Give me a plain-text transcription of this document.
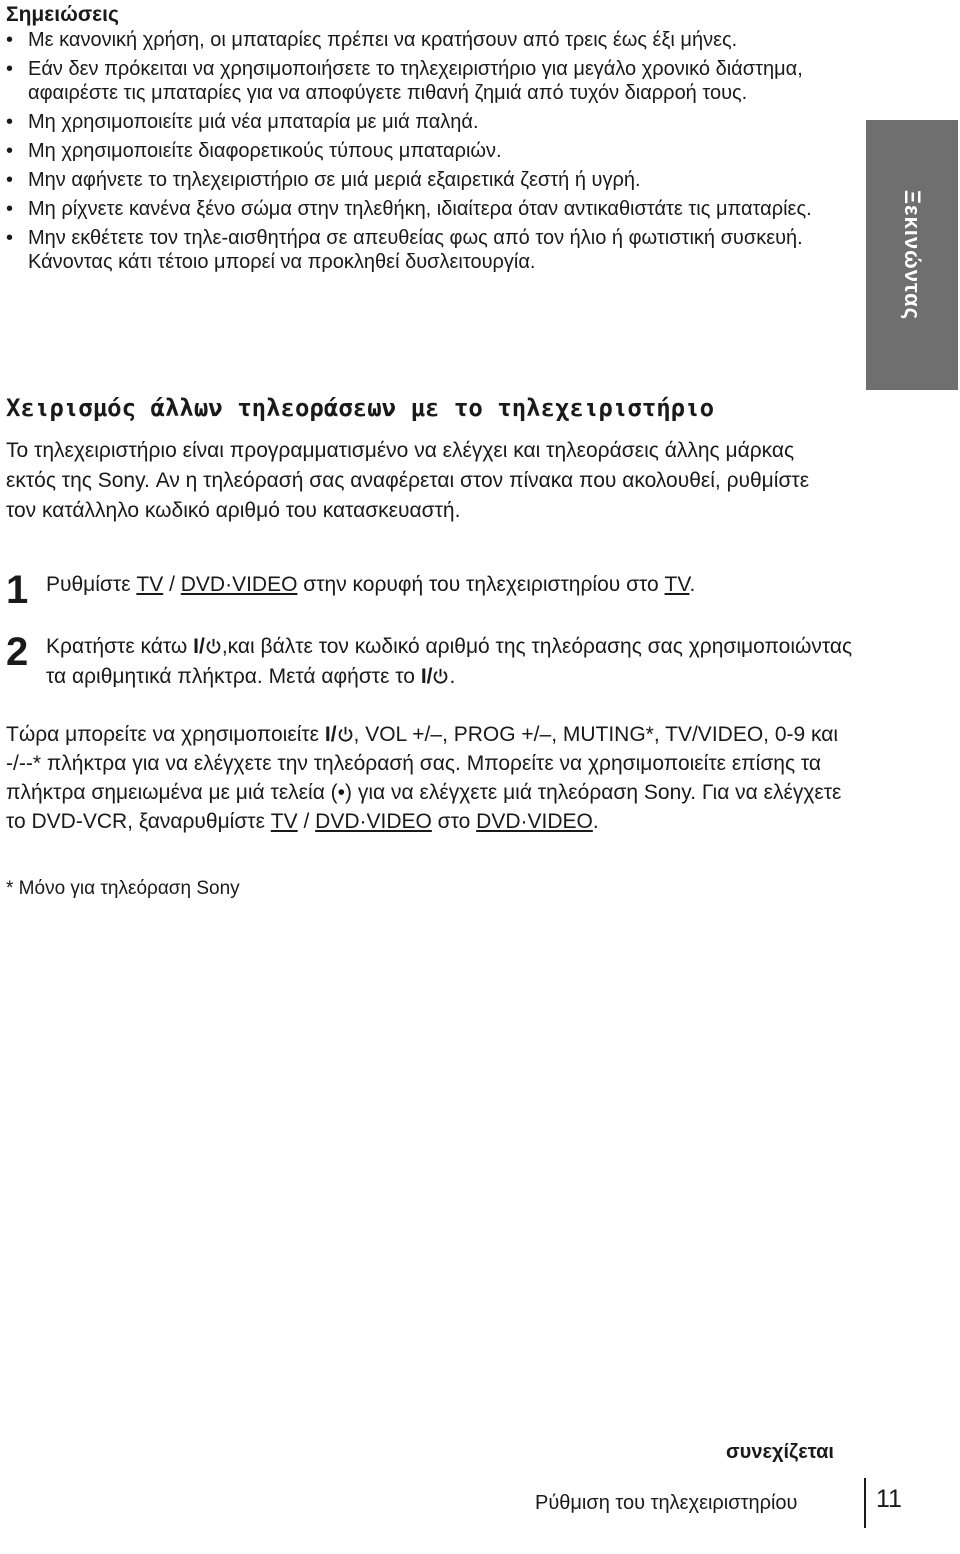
Σημειώσεις
• Με κανονική χρήση, οι μπαταρίες πρέπει να κρατήσουν από τρεις έως έξι μήνες.
• Εάν δεν πρόκειται να χρησιμοποιήσετε το τηλεχειριστήριο για μεγάλο χρονικό διάστημα, αφαιρέστε τις μπαταρίες για να αποφύγετε πιθανή ζημιά από τυχόν διαρροή τους.
• Μη χρησιμοποιείτε μιά νέα μπαταρία με μιά παληά.
• Μη χρησιμοποιείτε διαφορετικούς τύπους μπαταριών.
• Μην αφήνετε το τηλεχειριστήριο σε μιά μεριά εξαιρετικά ζεστή ή υγρή.
• Μη ρίχνετε κανένα ξένο σώμα στην τηλεθήκη, ιδιαίτερα όταν αντικαθιστάτε τις μπαταρίες.
• Μην εκθέτετε τον τηλε-αισθητήρα σε απευθείας φως από τον ήλιο ή φωτιστική συσκευή. Κάνοντας κάτι τέτοιο μπορεί να προκληθεί δυσλειτουργία.	Ξεκινώντας
Χειρισμός άλλων τηλεοράσεων με το τηλεχειριστήριο

Το τηλεχειριστήριο είναι προγραμματισμένο να ελέγχει και τηλεοράσεις άλλης μάρκας εκτός της Sony. Αν η τηλεόρασή σας αναφέρεται στον πίνακα που ακολουθεί, ρυθμίστε τον κατάλληλο κωδικό αριθμό του κατασκευαστή.

1 Ρυθμίστε TV / DVD·VIDEO στην κορυφή του τηλεχειριστηρίου στο TV.
2 Κρατήστε κάτω I/ ,και βάλτε τον κωδικό αριθμό της τηλεόρασης σας χρησιμοποιώντας τα αριθμητικά πλήκτρα. Μετά αφήστε το I/ .

Τώρα μπορείτε να χρησιμοποιείτε I/ , VOL +/–, PROG +/–, MUTING*, TV/VIDEO, 0-9 και -/--* πλήκτρα για να ελέγχετε την τηλεόρασή σας. Μπορείτε να χρησιμοποιείτε επίσης τα πλήκτρα σημειωμένα με μιά τελεία (•) για να ελέγχετε μιά τηλεόραση Sony. Για να ελέγχετε το DVD-VCR, ξαναρυθμίστε TV / DVD·VIDEO στο DVD·VIDEO.

* Μόνο για τηλεόραση Sony
συνεχίζεται
Ρύθμιση του τηλεχειριστηρίου	11
